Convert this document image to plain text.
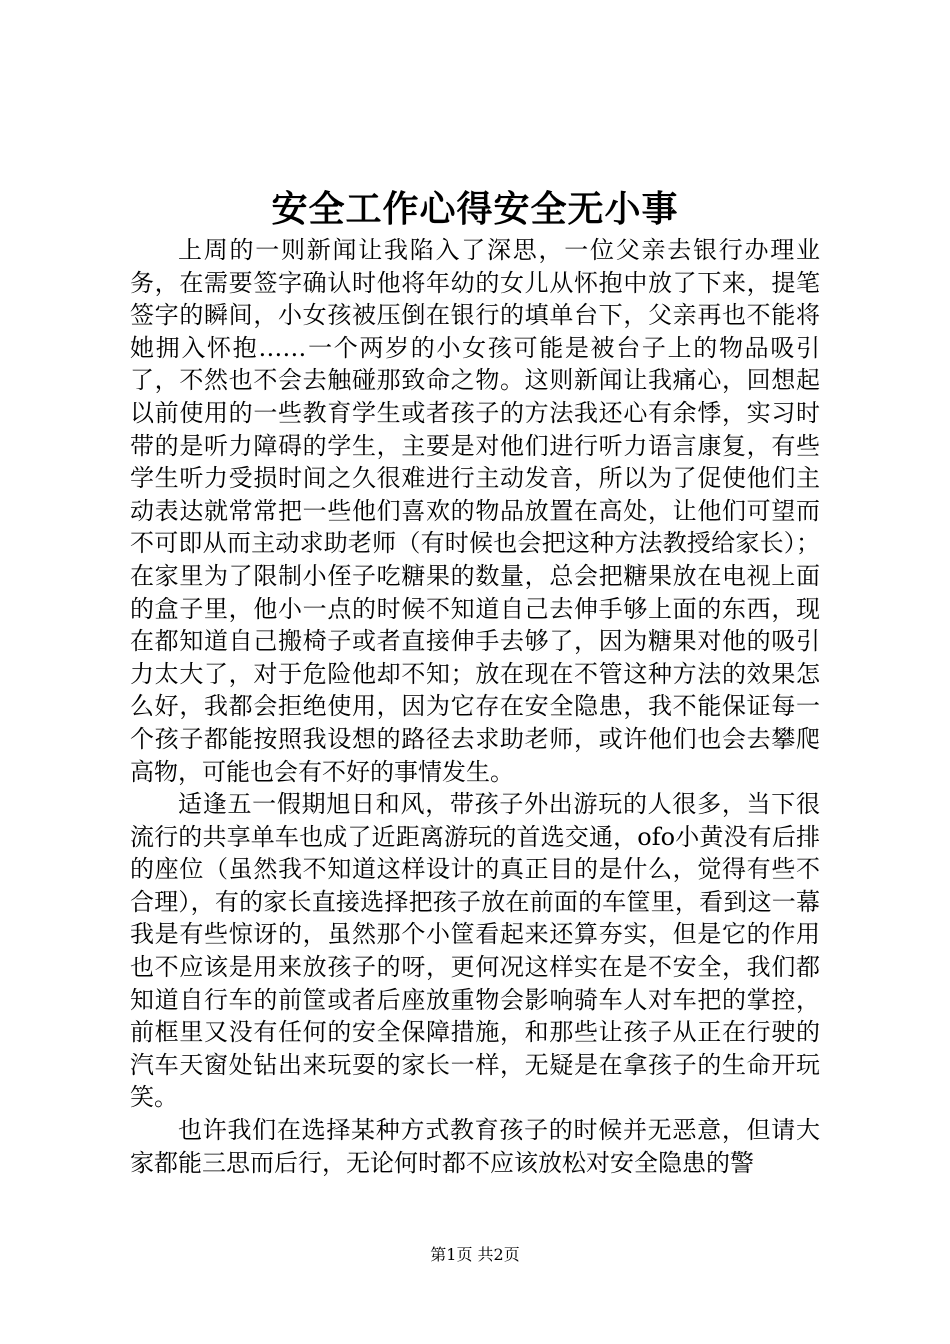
安全工作心得安全无小事

上周的一则新闻让我陷入了深思，一位父亲去银行办理业务，在需要签字确认时他将年幼的女儿从怀抱中放了下来，提笔签字的瞬间，小女孩被压倒在银行的填单台下，父亲再也不能将她拥入怀抱……一个两岁的小女孩可能是被台子上的物品吸引了，不然也不会去触碰那致命之物。这则新闻让我痛心，回想起以前使用的一些教育学生或者孩子的方法我还心有余悸，实习时带的是听力障碍的学生，主要是对他们进行听力语言康复，有些学生听力受损时间之久很难进行主动发音，所以为了促使他们主动表达就常常把一些他们喜欢的物品放置在高处，让他们可望而不可即从而主动求助老师（有时候也会把这种方法教授给家长）；在家里为了限制小侄子吃糖果的数量，总会把糖果放在电视上面的盒子里，他小一点的时候不知道自己去伸手够上面的东西，现在都知道自己搬椅子或者直接伸手去够了，因为糖果对他的吸引力太大了，对于危险他却不知；放在现在不管这种方法的效果怎么好，我都会拒绝使用，因为它存在安全隐患，我不能保证每一个孩子都能按照我设想的路径去求助老师，或许他们也会去攀爬高物，可能也会有不好的事情发生。

适逢五一假期旭日和风，带孩子外出游玩的人很多，当下很流行的共享单车也成了近距离游玩的首选交通，ofo小黄没有后排的座位（虽然我不知道这样设计的真正目的是什么，觉得有些不合理），有的家长直接选择把孩子放在前面的车筐里，看到这一幕我是有些惊讶的，虽然那个小筐看起来还算夯实，但是它的作用也不应该是用来放孩子的呀，更何况这样实在是不安全，我们都知道自行车的前筐或者后座放重物会影响骑车人对车把的掌控，前框里又没有任何的安全保障措施，和那些让孩子从正在行驶的汽车天窗处钻出来玩耍的家长一样，无疑是在拿孩子的生命开玩笑。

也许我们在选择某种方式教育孩子的时候并无恶意，但请大家都能三思而后行，无论何时都不应该放松对安全隐患的警

第1页 共2页
